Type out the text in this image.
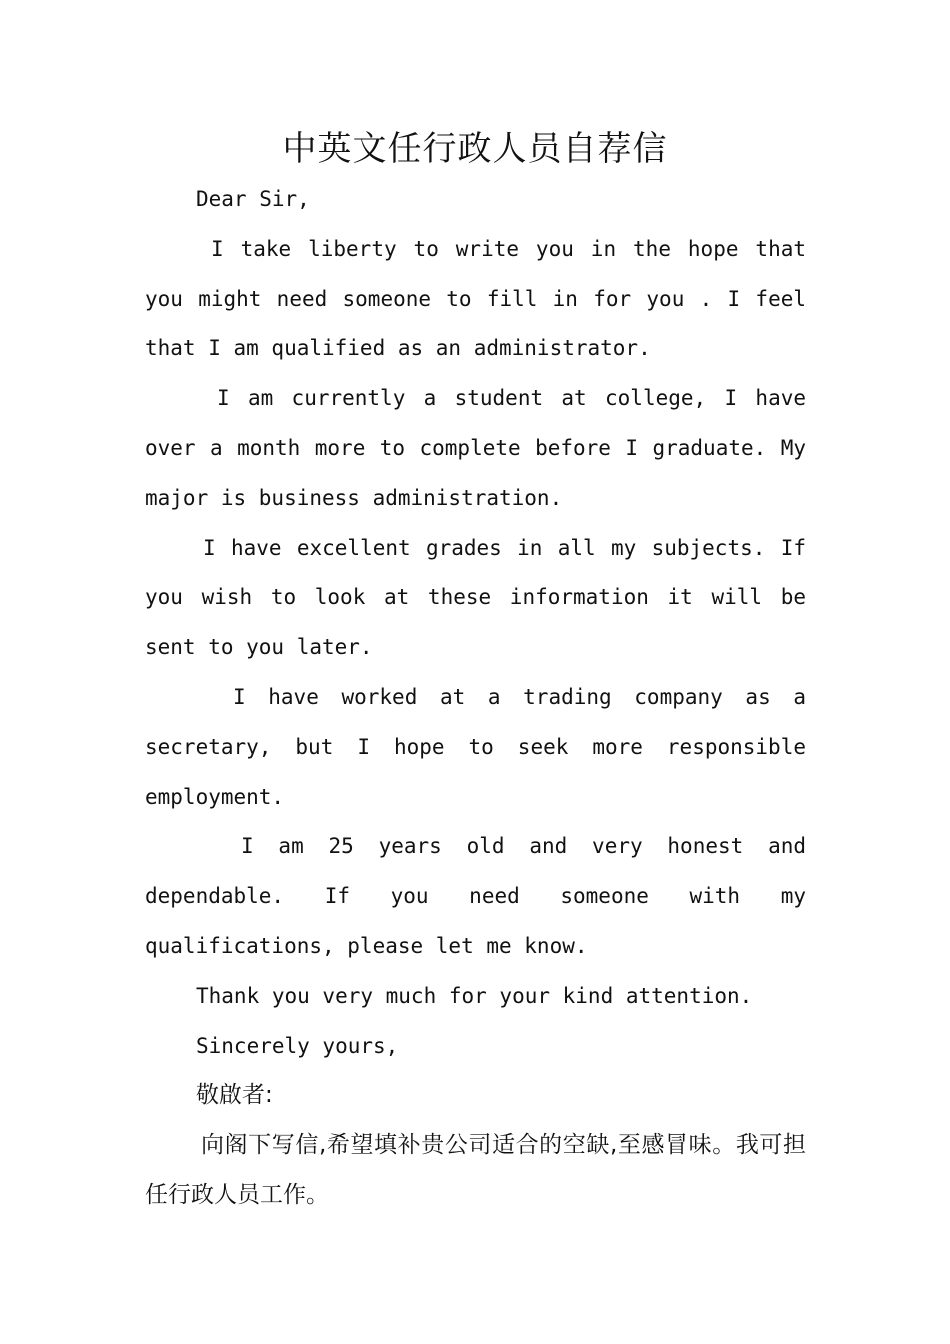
中英文任行政人员自荐信

Dear Sir,

I take liberty to write you in the hope that you might need someone to fill in for you . I feel that I am qualified as an administrator.

I am currently a student at college, I have over a month more to complete before I graduate. My major is business administration.

I have excellent grades in all my subjects. If you wish to look at these information it will be sent to you later.

I have worked at a trading company as a secretary, but I hope to seek more responsible employment.

I am 25 years old and very honest and dependable. If you need someone with my qualifications, please let me know.

Thank you very much for your kind attention.

Sincerely yours,

敬啟者:

向阁下写信,希望填补贵公司适合的空缺,至感冒味。我可担任行政人员工作。
